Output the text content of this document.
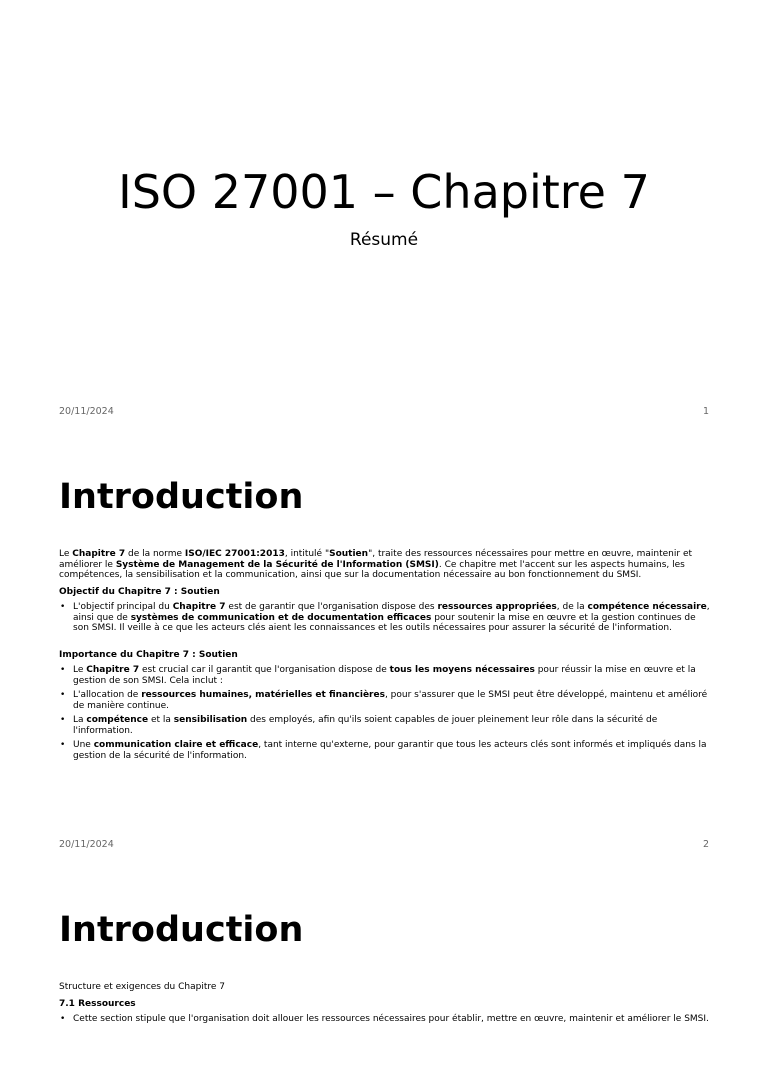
ISO 27001 – Chapitre 7

Résumé

20/11/2024	1
Introduction

Le Chapitre 7 de la norme ISO/IEC 27001:2013, intitulé "Soutien", traite des ressources nécessaires pour mettre en œuvre, maintenir et améliorer le Système de Management de la Sécurité de l'Information (SMSI). Ce chapitre met l'accent sur les aspects humains, les compétences, la sensibilisation et la communication, ainsi que sur la documentation nécessaire au bon fonctionnement du SMSI.

Objectif du Chapitre 7 : Soutien

• L'objectif principal du Chapitre 7 est de garantir que l'organisation dispose des ressources appropriées, de la compétence nécessaire, ainsi que de systèmes de communication et de documentation efficaces pour soutenir la mise en œuvre et la gestion continues de son SMSI. Il veille à ce que les acteurs clés aient les connaissances et les outils nécessaires pour assurer la sécurité de l'information.

Importance du Chapitre 7 : Soutien

• Le Chapitre 7 est crucial car il garantit que l'organisation dispose de tous les moyens nécessaires pour réussir la mise en œuvre et la gestion de son SMSI. Cela inclut :
• L'allocation de ressources humaines, matérielles et financières, pour s'assurer que le SMSI peut être développé, maintenu et amélioré de manière continue.
• La compétence et la sensibilisation des employés, afin qu'ils soient capables de jouer pleinement leur rôle dans la sécurité de l'information.
• Une communication claire et efficace, tant interne qu'externe, pour garantir que tous les acteurs clés sont informés et impliqués dans la gestion de la sécurité de l'information.
20/11/2024	2
Introduction

Structure et exigences du Chapitre 7

7.1 Ressources

• Cette section stipule que l'organisation doit allouer les ressources nécessaires pour établir, mettre en œuvre, maintenir et améliorer le SMSI.
